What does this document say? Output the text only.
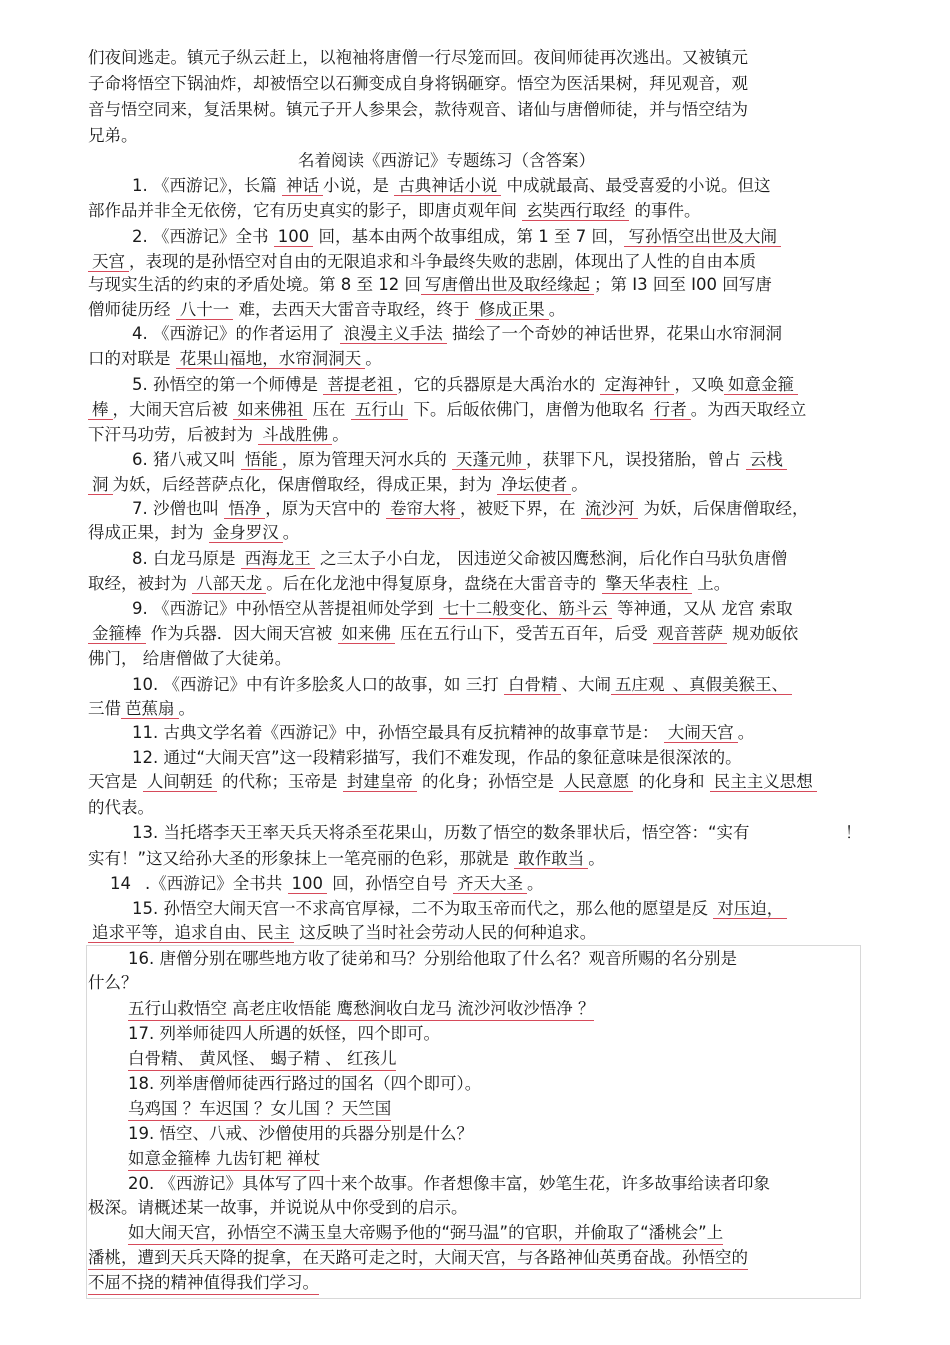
们夜间逃走。镇元子纵云赶上，以袍袖将唐僧一行尽笼而回。夜间师徒再次逃出。又被镇元
子命将悟空下锅油炸，却被悟空以石狮变成自身将锅砸穿。悟空为医活果树，拜见观音，观
音与悟空同来，复活果树。镇元子开人参果会，款待观音、诸仙与唐僧师徒，并与悟空结为
兄弟。
名着阅读《西游记》专题练习（含答案）
1. 《西游记》，长篇 神话 小说，是 古典神话小说 中成就最高、最受喜爱的小说。但这
部作品并非全无依傍，它有历史真实的影子，即唐贞观年间 玄奘西行取经 的事件。
2. 《西游记》全书 100 回，基本由两个故事组成，第 1 至 7 回， 写孙悟空出世及大闹
天宫 ，表现的是孙悟空对自由的无限追求和斗争最终失败的悲剧，体现出了人性的自由本质
与现实生活的约束的矛盾处境。第 8 至 12 回 写唐僧出世及取经缘起 ；第 I3 回至 I00 回写唐
僧师徒历经 八十一 难，去西天大雷音寺取经，终于 修成正果 。
4. 《西游记》的作者运用了 浪漫主义手法 描绘了一个奇妙的神话世界，花果山水帘洞洞
口的对联是 花果山福地，水帘洞洞天 。
5. 孙悟空的第一个师傅是 菩提老祖 ，它的兵器原是大禹治水的 定海神针 ，又唤 如意金箍
棒 ，大闹天宫后被 如来佛祖 压在 五行山 下。后皈依佛门，唐僧为他取名 行者 。为西天取经立
下汗马功劳，后被封为 斗战胜佛 。
6. 猪八戒又叫 悟能 ，原为管理天河水兵的 天蓬元帅 ，获罪下凡，误投猪胎，曾占 云栈
洞 为妖，后经菩萨点化，保唐僧取经，得成正果，封为 净坛使者 。
7. 沙僧也叫 悟净 ，原为天宫中的 卷帘大将 ，被贬下界，在 流沙河 为妖，后保唐僧取经，
得成正果，封为 金身罗汉 。
8. 白龙马原是 西海龙王 之三太子小白龙， 因违逆父命被囚鹰愁涧，后化作白马驮负唐僧
取经，被封为 八部天龙 。后在化龙池中得复原身，盘绕在大雷音寺的 擎天华表柱 上。
9. 《西游记》中孙悟空从菩提祖师处学到 七十二般变化、筋斗云 等神通，又从 龙宫 索取
金箍棒 作为兵器．因大闹天宫被 如来佛 压在五行山下，受苦五百年，后受 观音菩萨 规劝皈依
佛门， 给唐僧做了大徒弟。
10. 《西游记》中有许多脍炙人口的故事，如 三打 白骨精 、大闹 五庄观 、真假美猴王、
三借 芭蕉扇 。
11. 古典文学名着《西游记》中，孙悟空最具有反抗精神的故事章节是： 大闹天宫 。
12. 通过“大闹天宫”这一段精彩描写，我们不难发现，作品的象征意味是很深浓的。
天宫是 人间朝廷 的代称；玉帝是 封建皇帝 的化身；孙悟空是 人民意愿 的化身和 民主主义思想
的代表。
13. 当托塔李天王率天兵天将杀至花果山，历数了悟空的数条罪状后，悟空答：“实有	！
实有！”这又给孙大圣的形象抹上一笔亮丽的色彩，那就是 敢作敢当 。
14 .《西游记》全书共 100 回，孙悟空自号 齐天大圣 。
15. 孙悟空大闹天宫一不求高官厚禄，二不为取玉帝而代之，那么他的愿望是反 对压迫，
追求平等，追求自由、民主 这反映了当时社会劳动人民的何种追求。
16. 唐僧分别在哪些地方收了徒弟和马？分别给他取了什么名？观音所赐的名分别是
什么？
五行山救悟空 高老庄收悟能 鹰愁涧收白龙马 流沙河收沙悟净 ？
17. 列举师徒四人所遇的妖怪，四个即可。
白骨精、 黄风怪、 蝎子精 、 红孩儿
18. 列举唐僧师徒西行路过的国名（四个即可）。
乌鸡国 ？车迟国 ？女儿国 ？天竺国
19. 悟空、八戒、沙僧使用的兵器分别是什么？
如意金箍棒 九齿钉耙 禅杖
20. 《西游记》具体写了四十来个故事。作者想像丰富，妙笔生花，许多故事给读者印象
极深。请概述某一故事，并说说从中你受到的启示。
如大闹天宫，孙悟空不满玉皇大帝赐予他的“弼马温”的官职，并偷取了“潘桃会”上
潘桃，遭到天兵天降的捉拿，在天路可走之时，大闹天宫，与各路神仙英勇奋战。孙悟空的
不屈不挠的精神值得我们学习。
